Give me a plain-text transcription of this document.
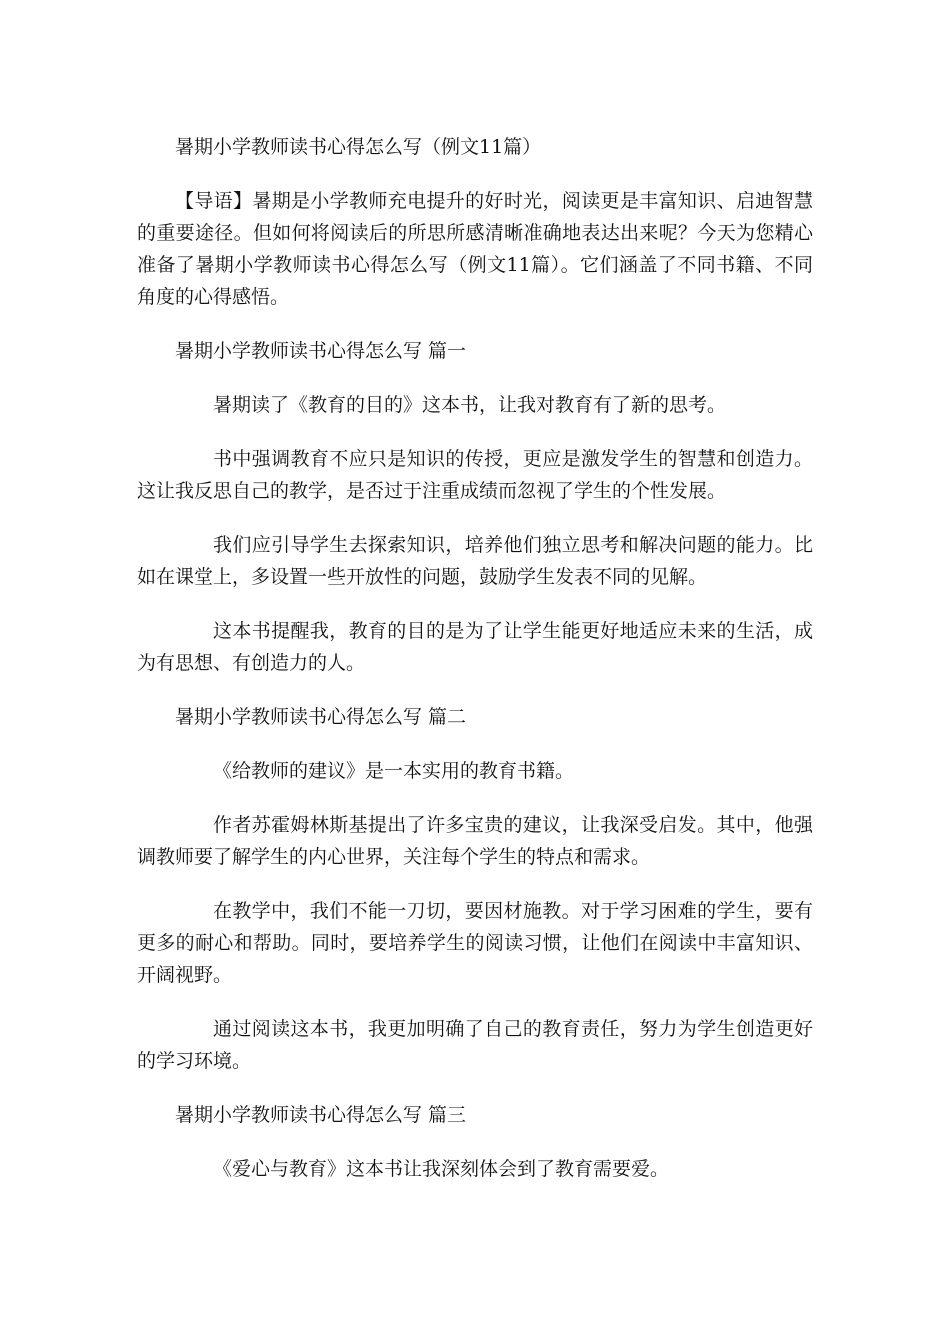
暑期小学教师读书心得怎么写（例文11篇）

【导语】暑期是小学教师充电提升的好时光，阅读更是丰富知识、启迪智慧的重要途径。但如何将阅读后的所思所感清晰准确地表达出来呢？今天为您精心准备了暑期小学教师读书心得怎么写（例文11篇）。它们涵盖了不同书籍、不同角度的心得感悟。

暑期小学教师读书心得怎么写 篇一

暑期读了《教育的目的》这本书，让我对教育有了新的思考。

书中强调教育不应只是知识的传授，更应是激发学生的智慧和创造力。这让我反思自己的教学，是否过于注重成绩而忽视了学生的个性发展。

我们应引导学生去探索知识，培养他们独立思考和解决问题的能力。比如在课堂上，多设置一些开放性的问题，鼓励学生发表不同的见解。

这本书提醒我，教育的目的是为了让学生能更好地适应未来的生活，成为有思想、有创造力的人。

暑期小学教师读书心得怎么写 篇二

《给教师的建议》是一本实用的教育书籍。

作者苏霍姆林斯基提出了许多宝贵的建议，让我深受启发。其中，他强调教师要了解学生的内心世界，关注每个学生的特点和需求。

在教学中，我们不能一刀切，要因材施教。对于学习困难的学生，要有更多的耐心和帮助。同时，要培养学生的阅读习惯，让他们在阅读中丰富知识、开阔视野。

通过阅读这本书，我更加明确了自己的教育责任，努力为学生创造更好的学习环境。

暑期小学教师读书心得怎么写 篇三

《爱心与教育》这本书让我深刻体会到了教育需要爱。
